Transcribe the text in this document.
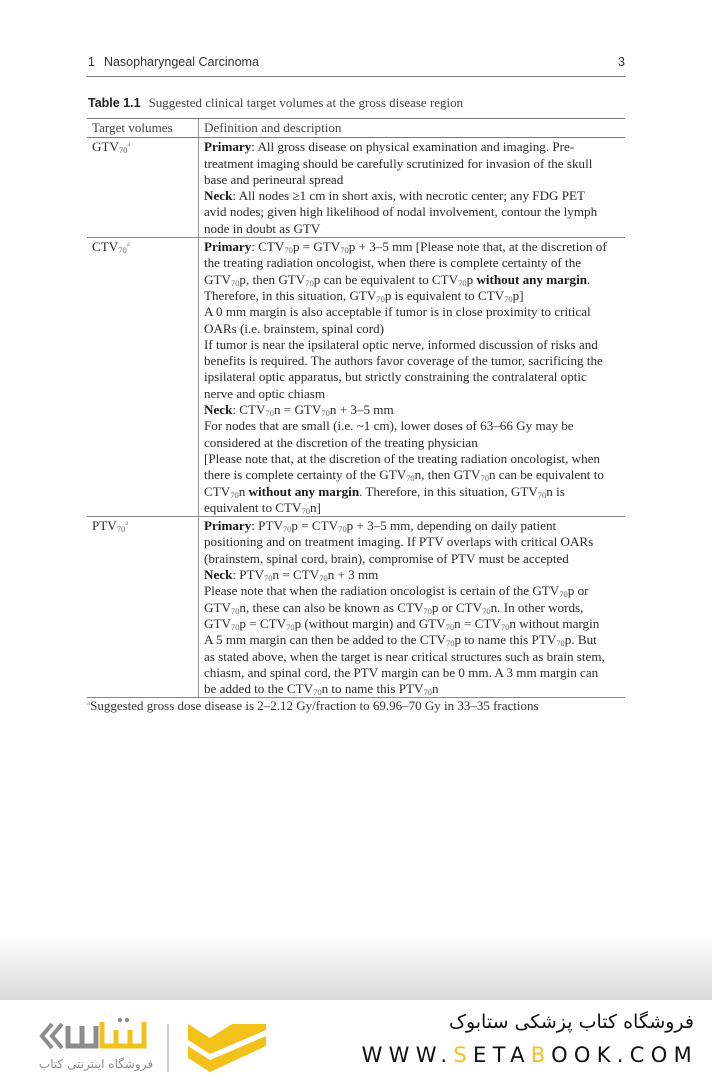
1 Nasopharyngeal Carcinoma	3
Table 1.1 Suggested clinical target volumes at the gross disease region
Target volumes	Definition and description
$GTV_{70}^a$	Primary: All gross disease on physical examination and imaging. Pre-
treatment imaging should be carefully scrutinized for invasion of the skull
base and perineural spread
Neck: All nodes ≥1 cm in short axis, with necrotic center; any FDG PET
avid nodes; given high likelihood of nodal involvement, contour the lymph
node in doubt as GTV

$CTV_{70}^a$	Primary: $CTV_{70}p = GTV_{70}p + 3-5$ mm [Please note that, at the discretion of
the treating radiation oncologist, when there is complete certainty of the
$GTV_{70}p$, then $GTV_{70}p$ can be equivalent to $CTV_{70}p$ without any margin.
Therefore, in this situation, $GTV_{70}p$ is equivalent to $CTV_{70}p$]
A 0 mm margin is also acceptable if tumor is in close proximity to critical
OARs (i.e. brainstem, spinal cord)
If tumor is near the ipsilateral optic nerve, informed discussion of risks and
benefits is required. The authors favor coverage of the tumor, sacrificing the
ipsilateral optic apparatus, but strictly constraining the contralateral optic
nerve and optic chiasm
Neck: $CTV_{70}n = GTV_{70}n + 3-5$ mm
For nodes that are small (i.e. ~1 cm), lower doses of 63–66 Gy may be
considered at the discretion of the treating physician
[Please note that, at the discretion of the treating radiation oncologist, when
there is complete certainty of the $GTV_{70}n$, then $GTV_{70}n$ can be equivalent to
$CTV_{70}n$ without any margin. Therefore, in this situation, $GTV_{70}n$ is
equivalent to $CTV_{70}n$]

$PTV_{70}^a$	Primary: $PTV_{70}p = CTV_{70}p + 3-5$ mm, depending on daily patient
positioning and on treatment imaging. If PTV overlaps with critical OARs
(brainstem, spinal cord, brain), compromise of PTV must be accepted
Neck: $PTV_{70}n = CTV_{70}n + 3$ mm
Please note that when the radiation oncologist is certain of the $GTV_{70}p$ or
$GTV_{70}n$, these can also be known as $CTV_{70}p$ or $CTV_{70}n$. In other words,
$GTV_{70}p = CTV_{70}p$ (without margin) and $GTV_{70}n = CTV_{70}n$ without margin
A 5 mm margin can then be added to the $CTV_{70}p$ to name this $PTV_{70}p$. But
as stated above, when the target is near critical structures such as brain stem,
chiasm, and spinal cord, the PTV margin can be 0 mm. A 3 mm margin can
be added to the $CTV_{70}n$ to name this $PTV_{70}n$
$^a$Suggested gross dose disease is 2–2.12 Gy/fraction to 69.96–70 Gy in 33–35 fractions
فروشگاه اینترنتی کتاب
فروشگاه کتاب پزشکی ستابوک
WWW.SETABOOK.COM
